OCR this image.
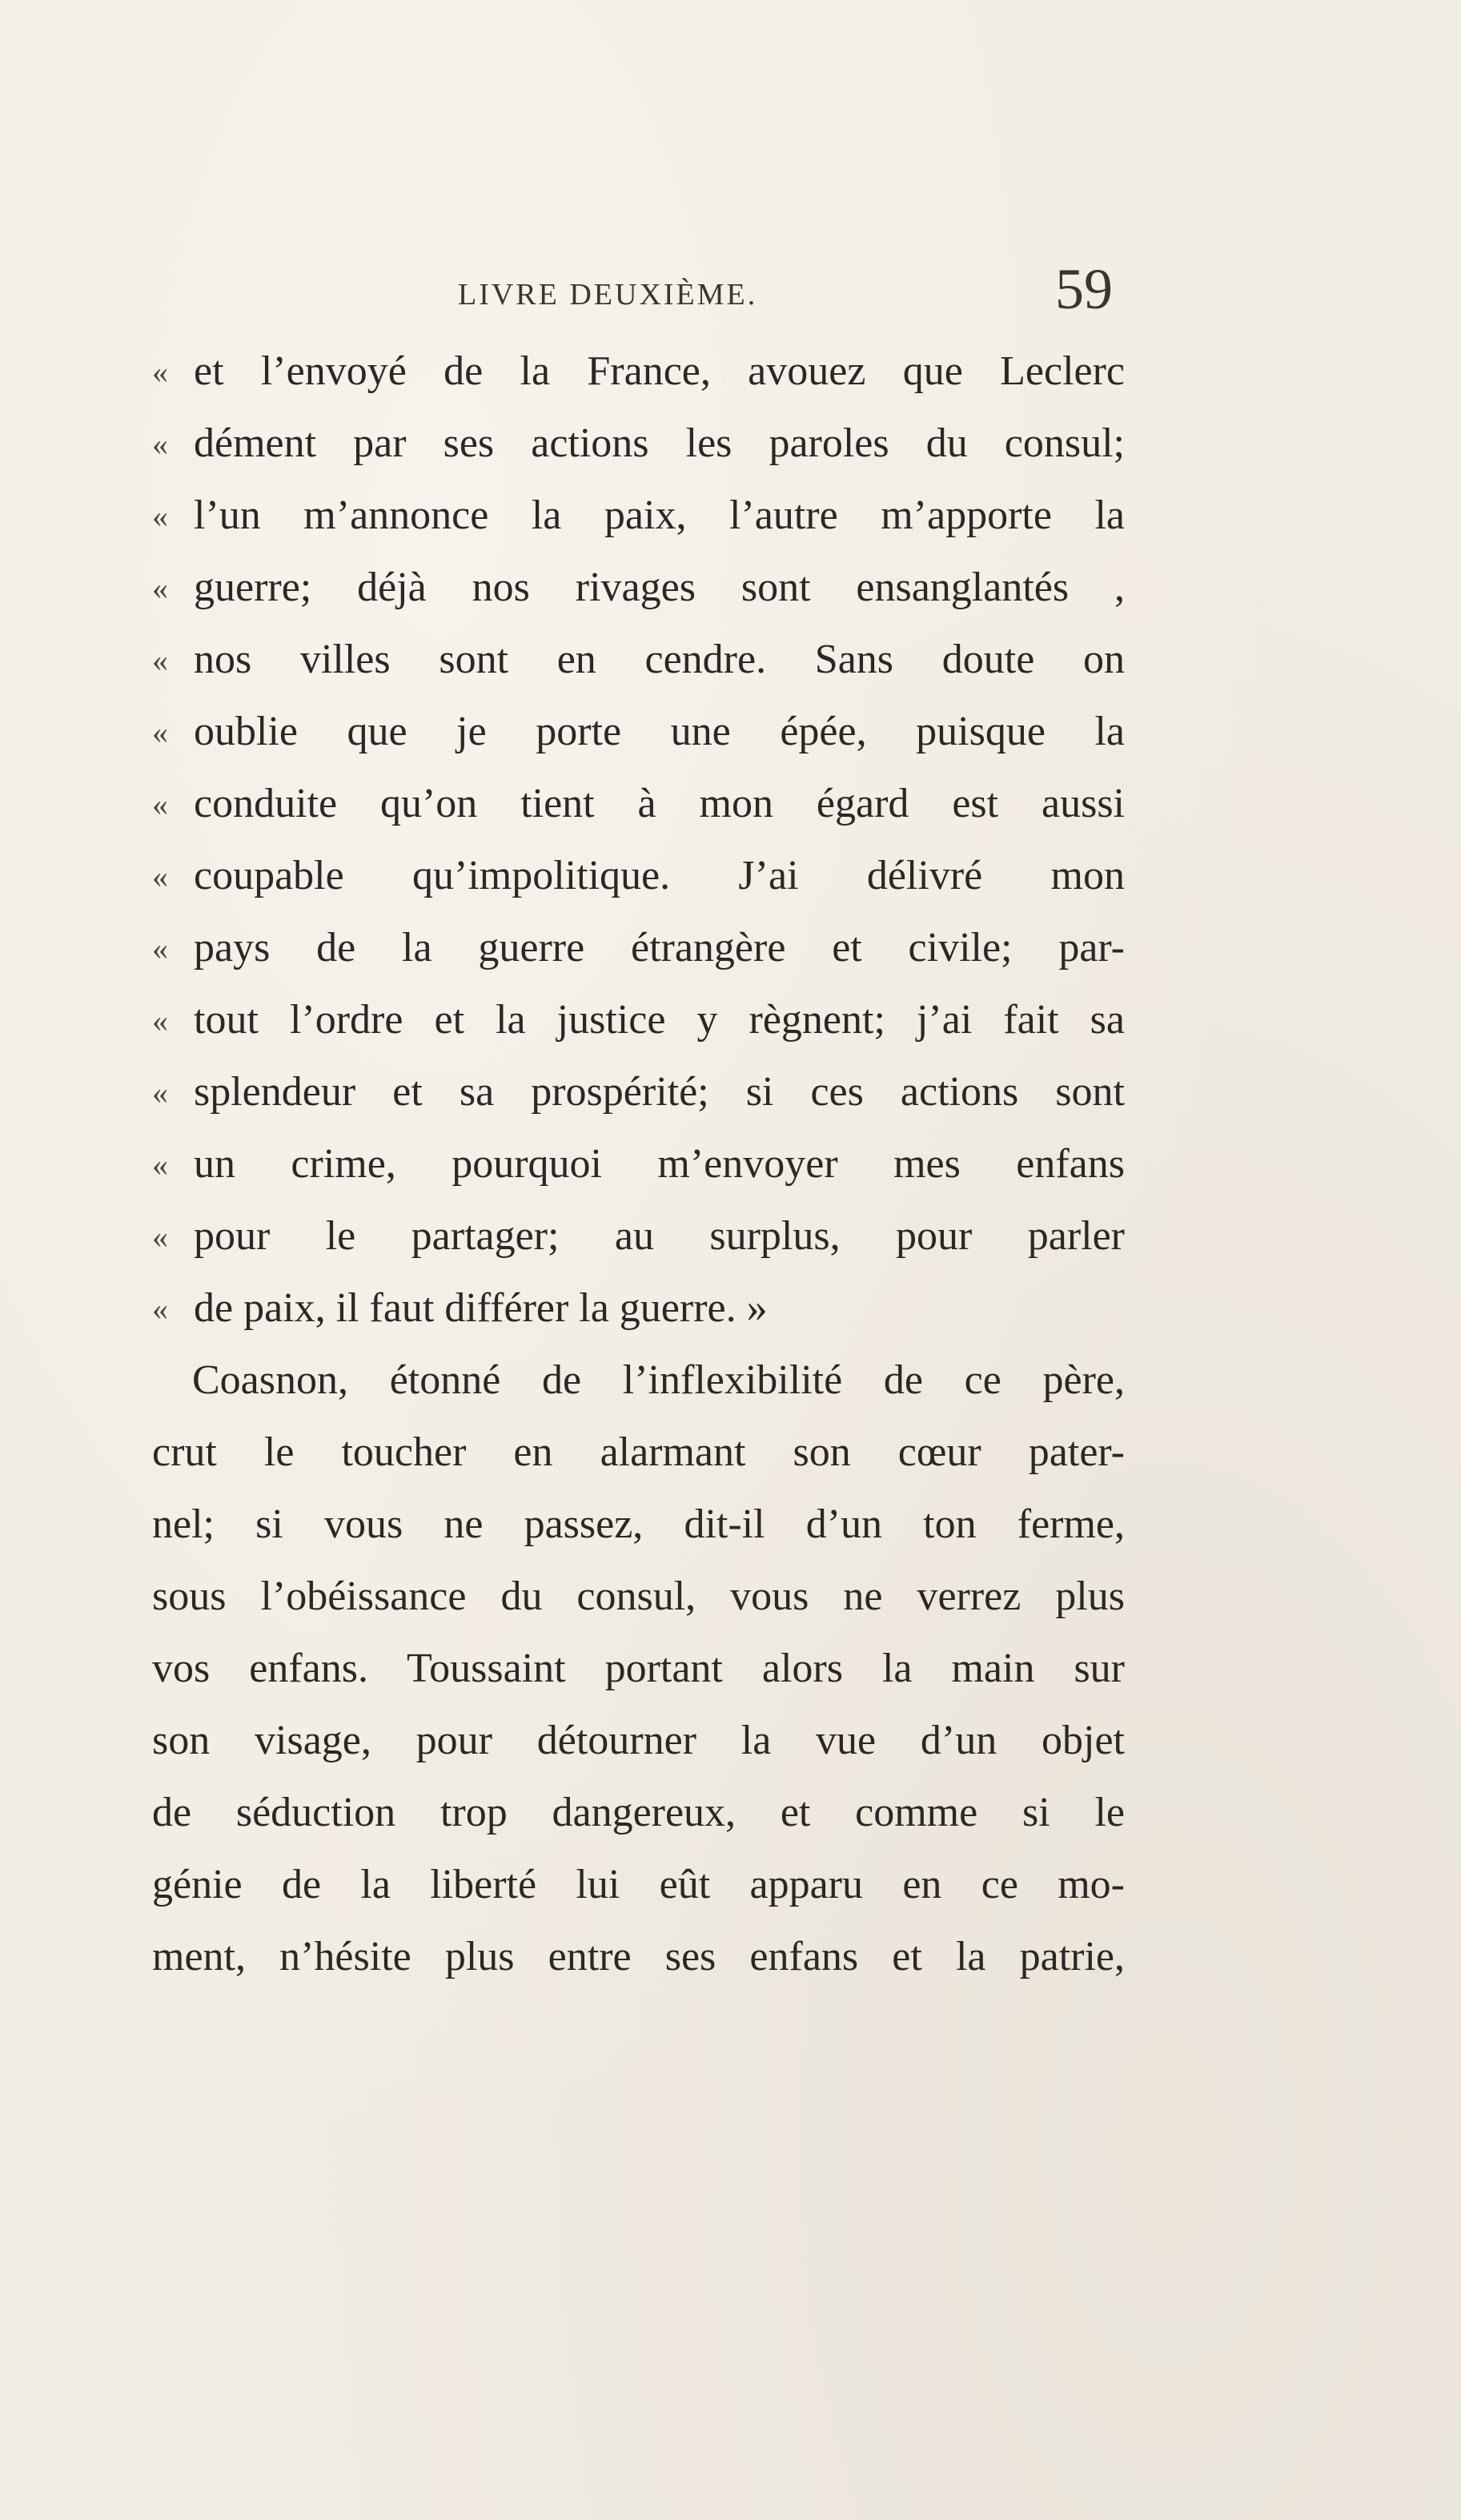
LIVRE DEUXIÈME.	59
« et l’envoyé de la France, avouez que Leclerc
« dément par ses actions les paroles du consul;
« l’un m’annonce la paix, l’autre m’apporte la
« guerre; déjà nos rivages sont ensanglantés ,
« nos villes sont en cendre. Sans doute on
« oublie que je porte une épée, puisque la
« conduite qu’on tient à mon égard est aussi
« coupable qu’impolitique. J’ai délivré mon
« pays de la guerre étrangère et civile; par-
« tout l’ordre et la justice y règnent; j’ai fait sa
« splendeur et sa prospérité; si ces actions sont
« un crime, pourquoi m’envoyer mes enfans
« pour le partager; au surplus, pour parler
« de paix, il faut différer la guerre. »
Coasnon, étonné de l’inflexibilité de ce père,
crut le toucher en alarmant son cœur pater-
nel; si vous ne passez, dit-il d’un ton ferme,
sous l’obéissance du consul, vous ne verrez plus
vos enfans. Toussaint portant alors la main sur
son visage, pour détourner la vue d’un objet
de séduction trop dangereux, et comme si le
génie de la liberté lui eût apparu en ce mo-
ment, n’hésite plus entre ses enfans et la patrie,
